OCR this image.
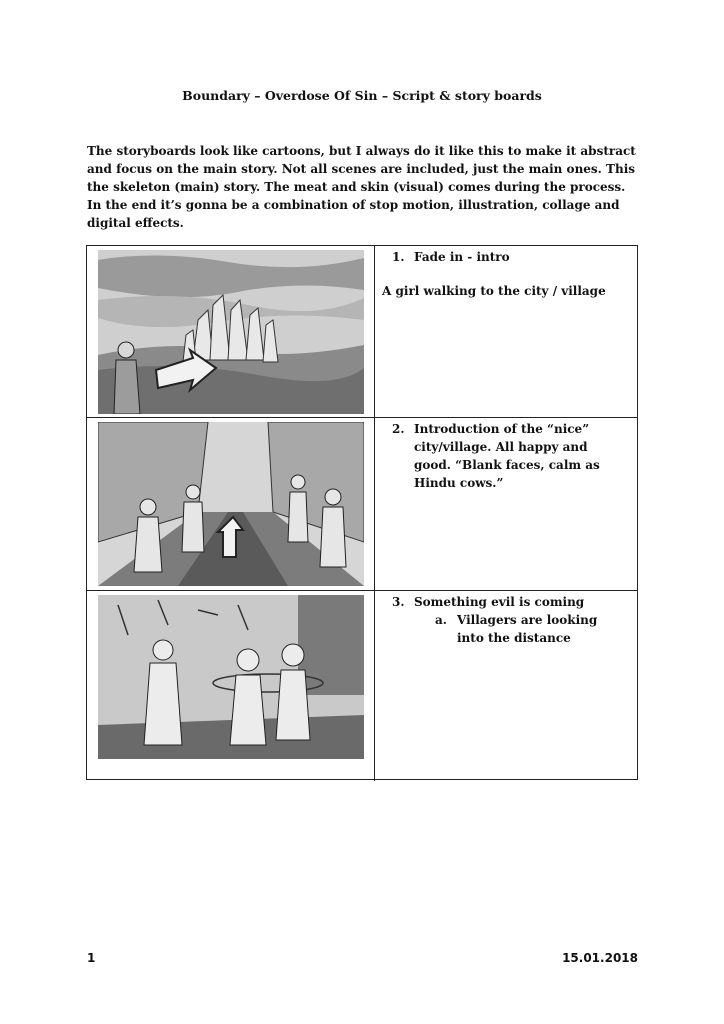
Boundary – Overdose Of Sin – Script & story boards
The storyboards look like cartoons, but I always do it like this to make it abstract and focus on the main story. Not all scenes are included, just the main ones. This the skeleton (main) story. The meat and skin (visual) comes during the process. In the end it’s gonna be a combination of stop motion, illustration, collage and digital effects.
1. Fade in - intro
A girl walking to the city / village
2. Introduction of the “nice” city/village. All happy and good. “Blank faces, calm as Hindu cows.”
3. Something evil is coming
a. Villagers are looking into the distance
1	15.01.2018
